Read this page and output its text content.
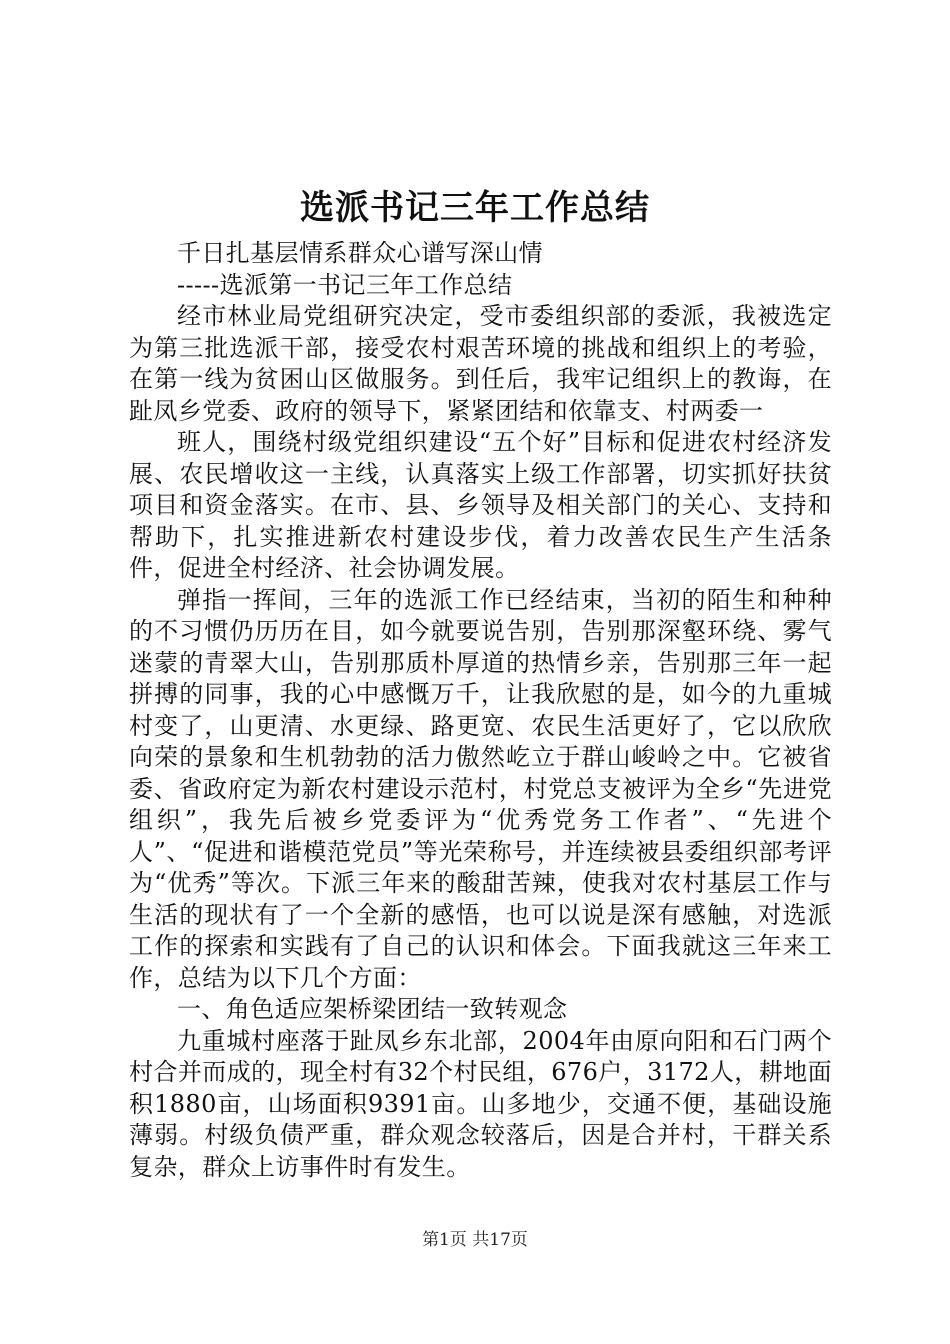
选派书记三年工作总结

千日扎基层情系群众心谱写深山情

-----选派第一书记三年工作总结

经市林业局党组研究决定，受市委组织部的委派，我被选定为第三批选派干部，接受农村艰苦环境的挑战和组织上的考验，在第一线为贫困山区做服务。到任后，我牢记组织上的教诲，在趾凤乡党委、政府的领导下，紧紧团结和依靠支、村两委一

班人，围绕村级党组织建设“五个好”目标和促进农村经济发展、农民增收这一主线，认真落实上级工作部署，切实抓好扶贫项目和资金落实。在市、县、乡领导及相关部门的关心、支持和帮助下，扎实推进新农村建设步伐，着力改善农民生产生活条件，促进全村经济、社会协调发展。

弹指一挥间，三年的选派工作已经结束，当初的陌生和种种的不习惯仍历历在目，如今就要说告别，告别那深壑环绕、雾气迷蒙的青翠大山，告别那质朴厚道的热情乡亲，告别那三年一起拼搏的同事，我的心中感慨万千，让我欣慰的是，如今的九重城村变了，山更清、水更绿、路更宽、农民生活更好了，它以欣欣向荣的景象和生机勃勃的活力傲然屹立于群山峻岭之中。它被省委、省政府定为新农村建设示范村，村党总支被评为全乡“先进党组织”，我先后被乡党委评为“优秀党务工作者”、“先进个人”、“促进和谐模范党员”等光荣称号，并连续被县委组织部考评为“优秀”等次。下派三年来的酸甜苦辣，使我对农村基层工作与生活的现状有了一个全新的感悟，也可以说是深有感触，对选派工作的探索和实践有了自己的认识和体会。下面我就这三年来工作，总结为以下几个方面：

一、角色适应架桥梁团结一致转观念

九重城村座落于趾凤乡东北部，2004年由原向阳和石门两个村合并而成的，现全村有32个村民组，676户，3172人，耕地面积1880亩，山场面积9391亩。山多地少，交通不便，基础设施薄弱。村级负债严重，群众观念较落后，因是合并村，干群关系复杂，群众上访事件时有发生。

第1页 共17页
